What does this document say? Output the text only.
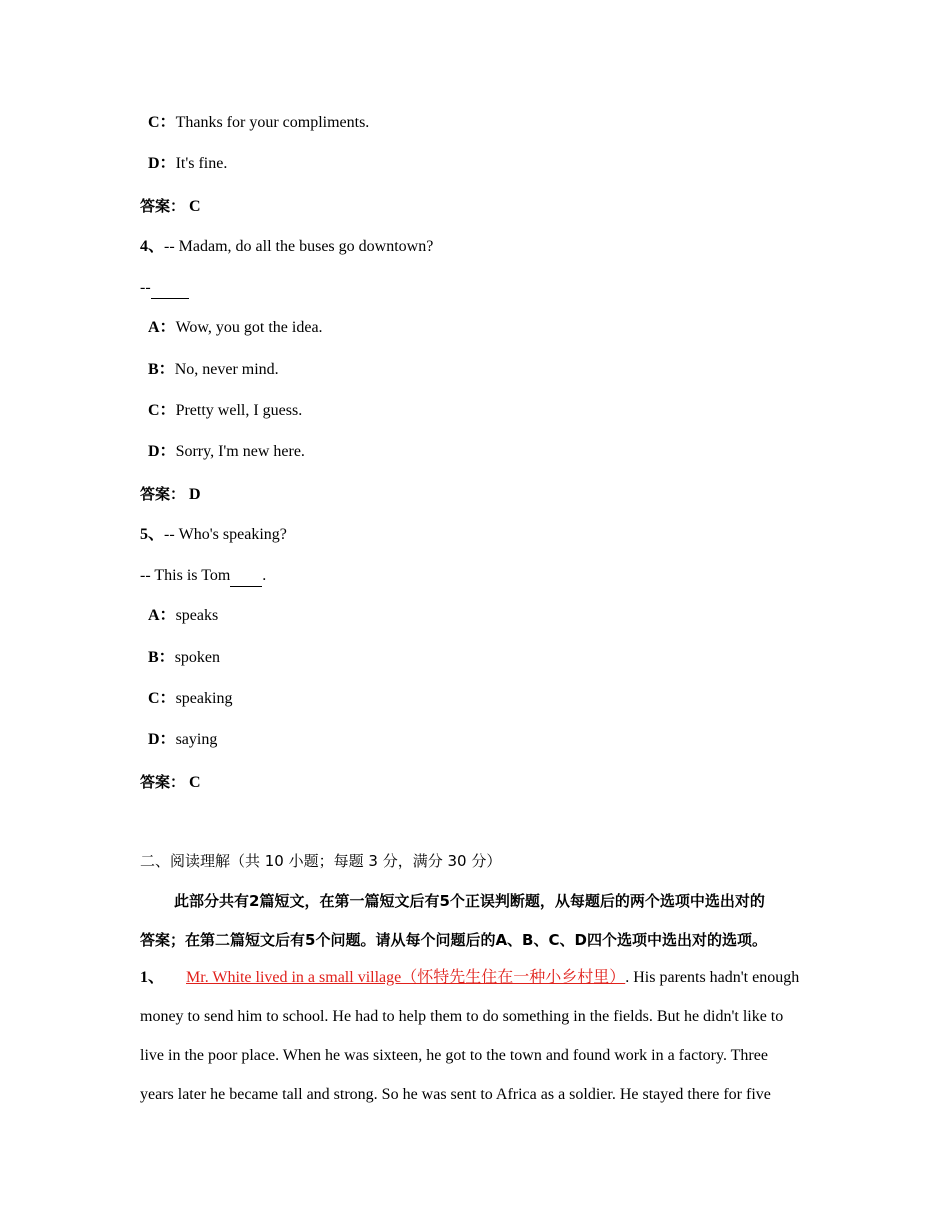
C：Thanks for your compliments.
D：It's fine.
答案： C
4、-- Madam, do all the buses go downtown?
--
A：Wow, you got the idea.
B：No, never mind.
C：Pretty well, I guess.
D：Sorry, I'm new here.
答案： D
5、-- Who's speaking?
-- This is Tom .
A：speaks
B：spoken
C：speaking
D：saying
答案： C
二、阅读理解（共 10 小题；每题 3 分，满分 30 分）
此部分共有2篇短文，在第一篇短文后有5个正误判断题，从每题后的两个选项中选出对的
答案；在第二篇短文后有5个问题。请从每个问题后的A、B、C、D四个选项中选出对的选项。
1、 Mr. White lived in a small village（怀特先生住在一种小乡村里）. His parents hadn't enough
money to send him to school. He had to help them to do something in the fields. But he didn't like to
live in the poor place. When he was sixteen, he got to the town and found work in a factory. Three
years later he became tall and strong. So he was sent to Africa as a soldier. He stayed there for five
